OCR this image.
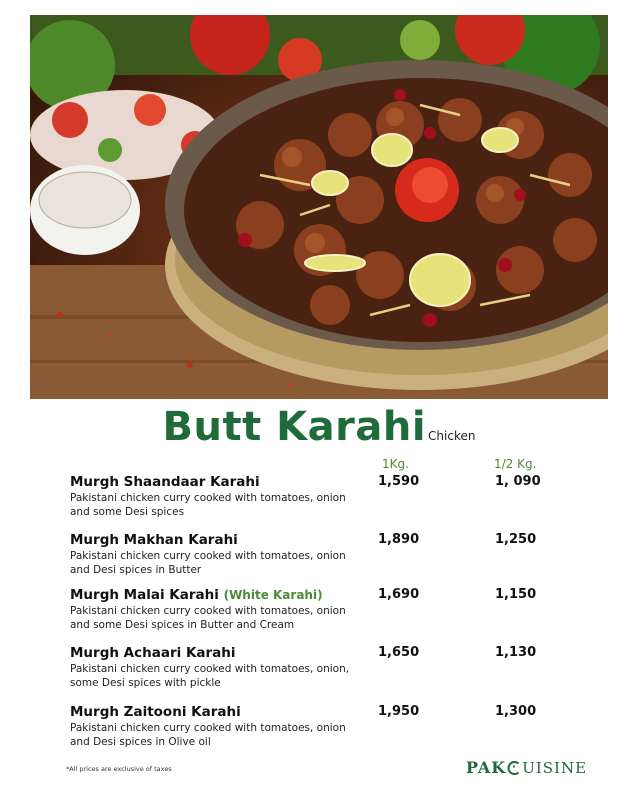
Butt Karahi Chicken
1Kg.	1/2 Kg.
Murgh Shaandaar Karahi
Pakistani chicken curry cooked with tomatoes, onion and some Desi spices
1,590	1, 090
Murgh Makhan Karahi
Pakistani chicken curry cooked with tomatoes, onion and Desi spices in Butter
1,890	1,250
Murgh Malai Karahi (White Karahi)
Pakistani chicken curry cooked with tomatoes, onion and some Desi spices in Butter and Cream
1,690	1,150
Murgh Achaari Karahi
Pakistani chicken curry cooked with tomatoes, onion, some Desi spices with pickle
1,650	1,130
Murgh Zaitooni Karahi
Pakistani chicken curry cooked with tomatoes, onion and Desi spices in Olive oil
1,950	1,300
*All prices are exclusive of taxes	PAK UISINE
